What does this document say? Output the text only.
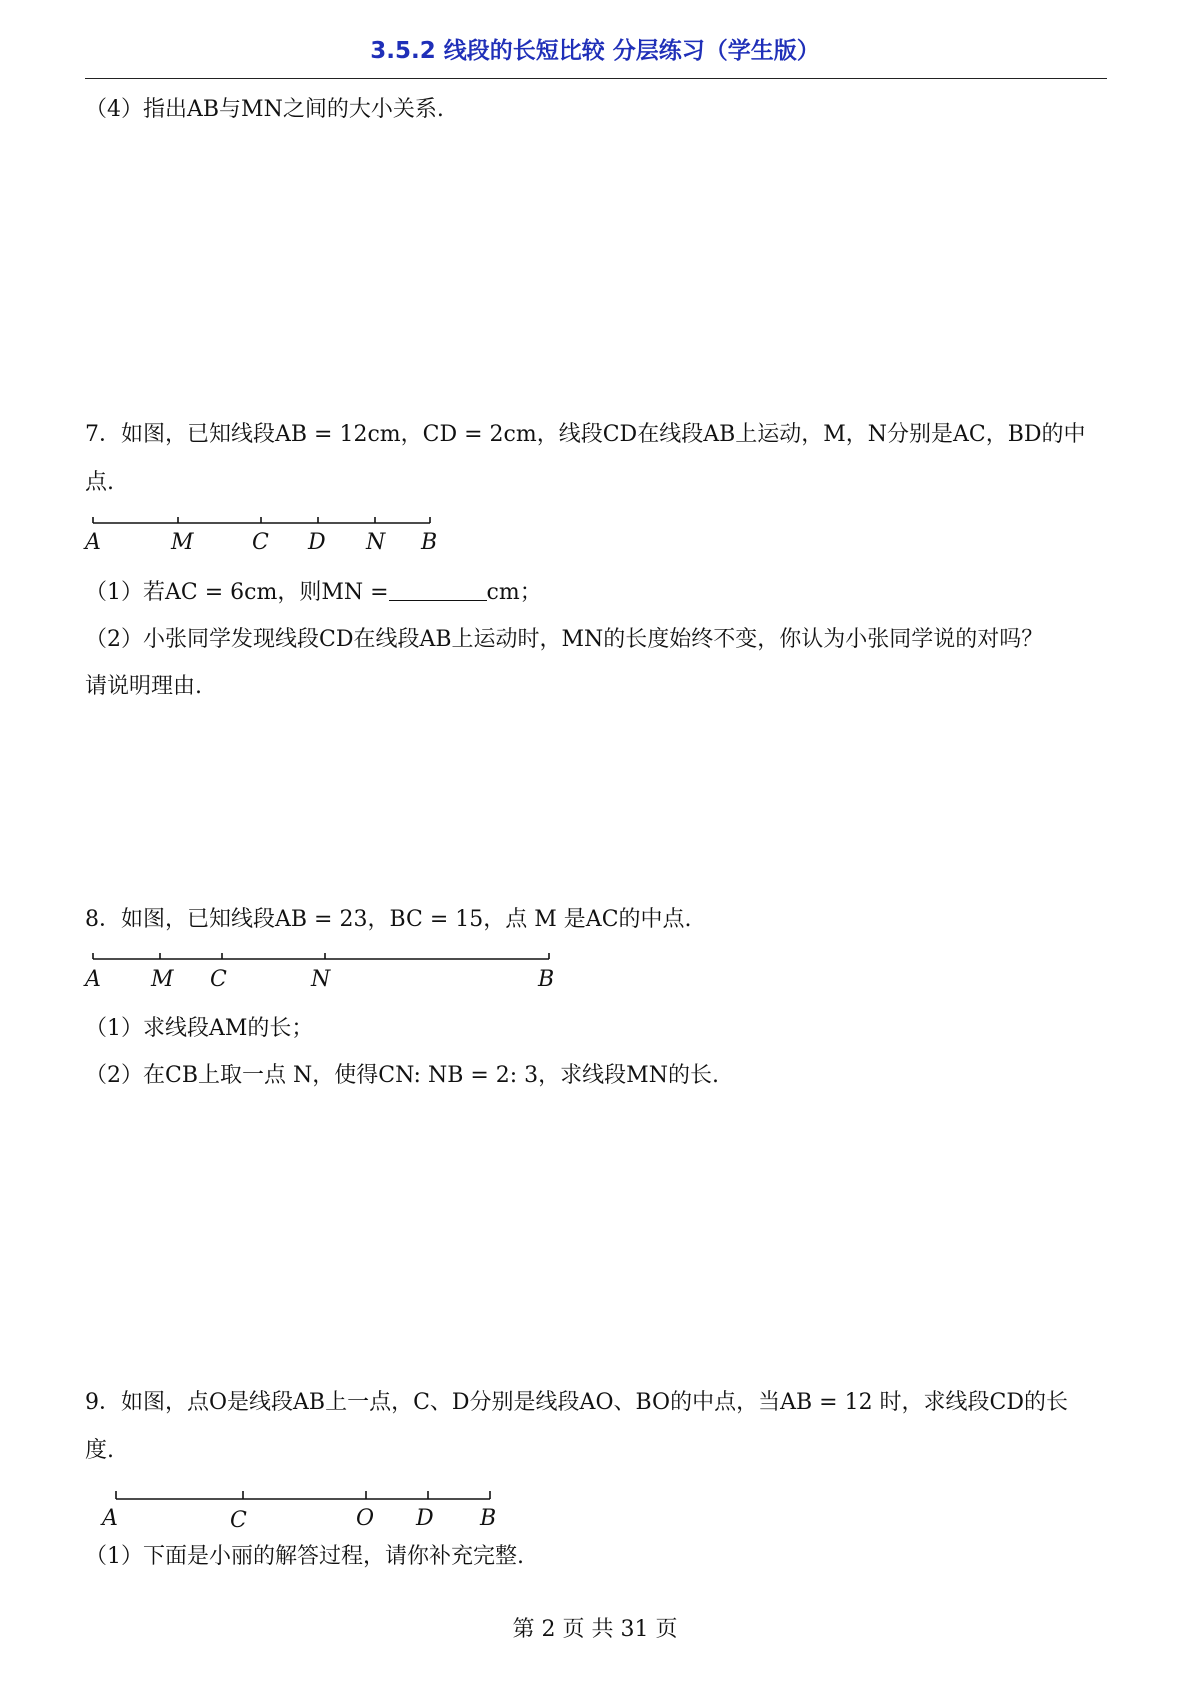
3.5.2 线段的长短比较 分层练习（学生版）
（4）指出AB与MN之间的大小关系.
7．如图，已知线段AB = 12cm，CD = 2cm，线段CD在线段AB上运动，M，N分别是AC，BD的中
点.
A	M	C D N B
（1）若AC = 6cm，则MN =	cm；
（2）小张同学发现线段CD在线段AB上运动时，MN的长度始终不变，你认为小张同学说的对吗？
请说明理由.
8．如图，已知线段AB = 23，BC = 15，点 M 是AC的中点.
A M C	N	B
（1）求线段AM的长；
（2）在CB上取一点 N，使得CN: NB = 2: 3，求线段MN的长.
9．如图，点O是线段AB上一点，C、D分别是线段AO、BO的中点，当AB = 12 时，求线段CD的长
度.
A	C	O D B
（1）下面是小丽的解答过程，请你补充完整.
第 2 页 共 31 页
